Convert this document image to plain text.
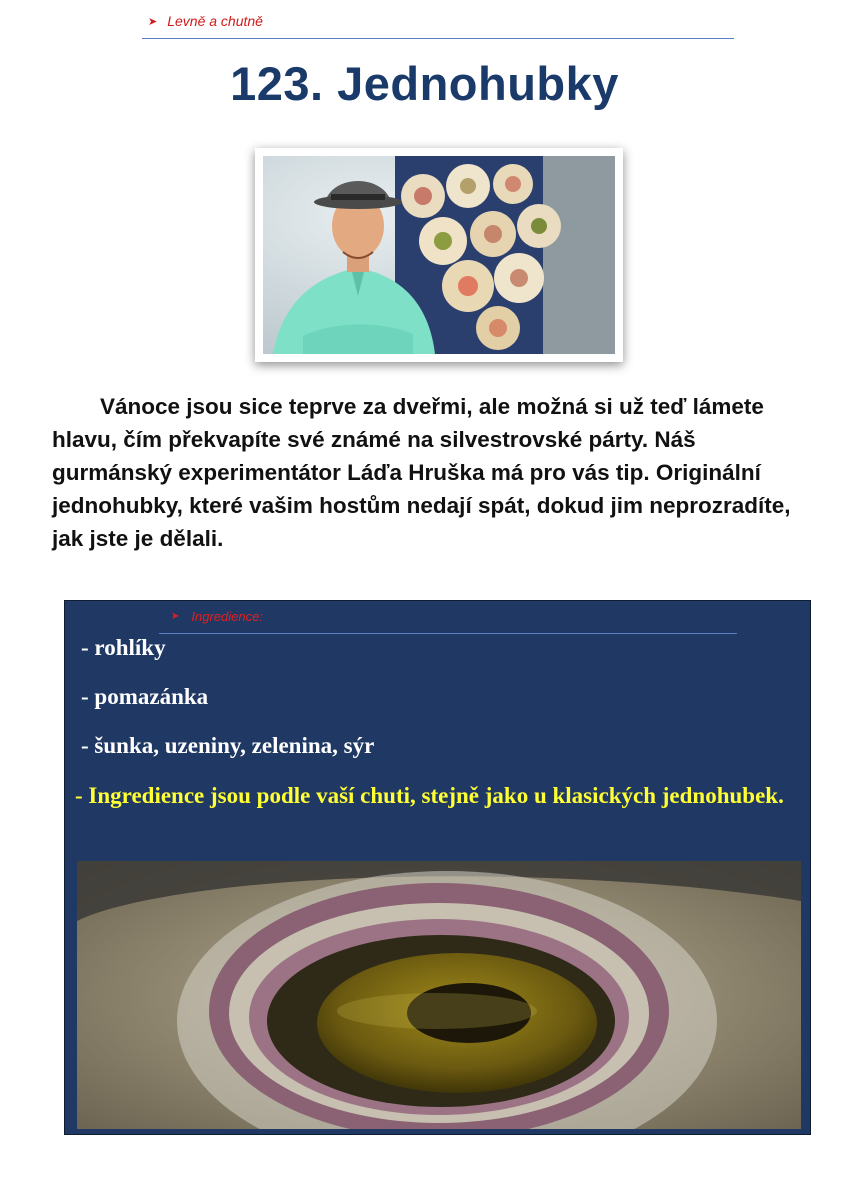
➤ Levně a chutně
123. Jednohubky
Vánoce jsou sice teprve za dveřmi, ale možná si už teď lámete hlavu, čím překvapíte své známé na silvestrovské párty. Náš gurmánský experimentátor Láďa Hruška má pro vás tip. Originální jednohubky, které vašim hostům nedají spát, dokud jim neprozradíte, jak jste je dělali.
➤ Ingredience:
- rohlíky
- pomazánka
- šunka, uzeniny, zelenina, sýr
- Ingredience jsou podle vaší chuti, stejně jako u klasických jednohubek.
